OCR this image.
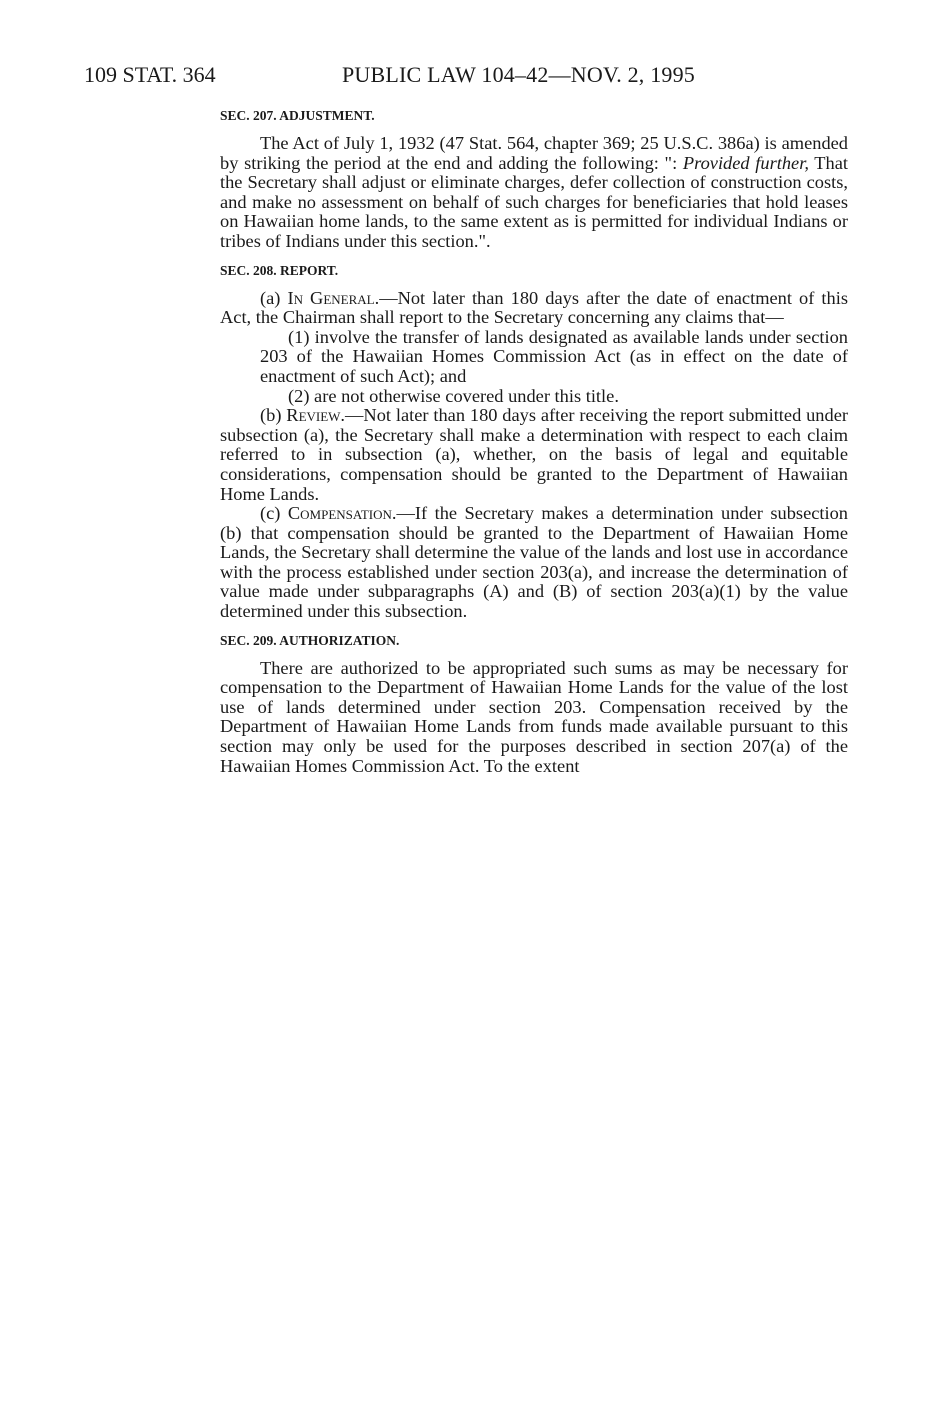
109 STAT. 364	PUBLIC LAW 104–42—NOV. 2, 1995
SEC. 207. ADJUSTMENT.

The Act of July 1, 1932 (47 Stat. 564, chapter 369; 25 U.S.C. 386a) is amended by striking the period at the end and adding the following: ": Provided further, That the Secretary shall adjust or eliminate charges, defer collection of construction costs, and make no assessment on behalf of such charges for beneficiaries that hold leases on Hawaiian home lands, to the same extent as is permitted for individual Indians or tribes of Indians under this section.".

SEC. 208. REPORT.

(a) In General.—Not later than 180 days after the date of enactment of this Act, the Chairman shall report to the Secretary concerning any claims that—

(1) involve the transfer of lands designated as available lands under section 203 of the Hawaiian Homes Commission Act (as in effect on the date of enactment of such Act); and

(2) are not otherwise covered under this title.

(b) Review.—Not later than 180 days after receiving the report submitted under subsection (a), the Secretary shall make a determination with respect to each claim referred to in subsection (a), whether, on the basis of legal and equitable considerations, compensation should be granted to the Department of Hawaiian Home Lands.

(c) Compensation.—If the Secretary makes a determination under subsection (b) that compensation should be granted to the Department of Hawaiian Home Lands, the Secretary shall determine the value of the lands and lost use in accordance with the process established under section 203(a), and increase the determination of value made under subparagraphs (A) and (B) of section 203(a)(1) by the value determined under this subsection.

SEC. 209. AUTHORIZATION.

There are authorized to be appropriated such sums as may be necessary for compensation to the Department of Hawaiian Home Lands for the value of the lost use of lands determined under section 203. Compensation received by the Department of Hawaiian Home Lands from funds made available pursuant to this section may only be used for the purposes described in section 207(a) of the Hawaiian Homes Commission Act. To the extent
